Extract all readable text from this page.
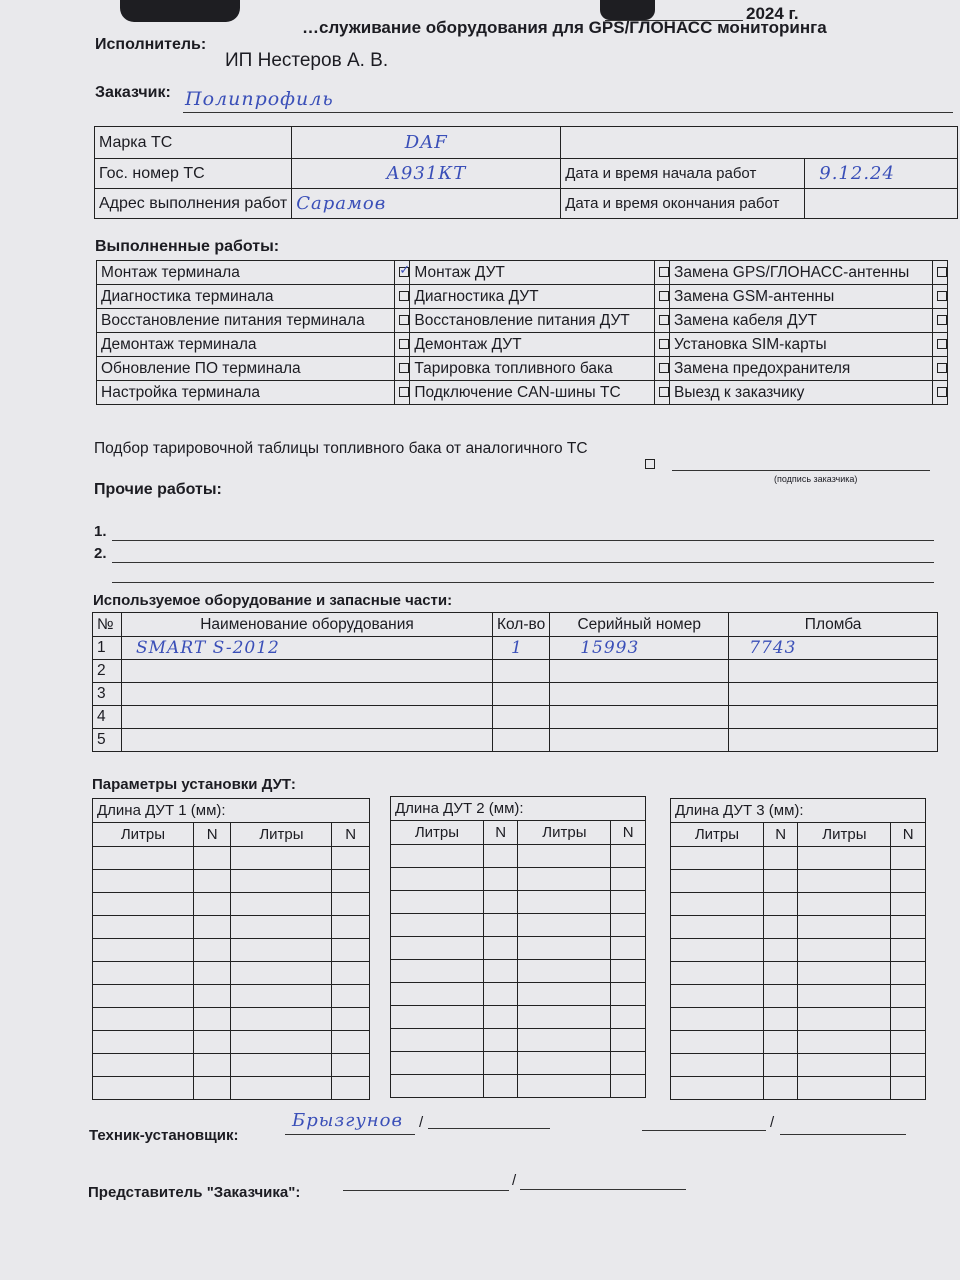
2024 г.
…служивание оборудования для GPS/ГЛОНАСС мониторинга
Исполнитель:
ИП Нестеров А. В.
Заказчик: Полипрофиль
Марка ТС	DAF		
Гос. номер ТС	А931КТ	Дата и время начала работ	9.12.24
Адрес выполнения работ	Сарамов	Дата и время окончания работ	
Выполненные работы:
Монтаж терминала	✓	Монтаж ДУТ		Замена GPS/ГЛОНАСС-антенны	
Диагностика терминала		Диагностика ДУТ		Замена GSM-антенны	
Восстановление питания терминала		Восстановление питания ДУТ		Замена кабеля ДУТ	
Демонтаж терминала		Демонтаж ДУТ		Установка SIM-карты	
Обновление ПО терминала		Тарировка топливного бака		Замена предохранителя	
Настройка терминала		Подключение CAN-шины ТС		Выезд к заказчику	
Подбор тарировочной таблицы топливного бака от аналогичного ТС
(подпись заказчика)
Прочие работы:
1.
2.
Используемое оборудование и запасные части:
№	Наименование оборудования	Кол-во	Серийный номер	Пломба
1	SMART S-2012	1	15993	7743
2				
3				
4				
5				
Параметры установки ДУТ:
Длина ДУТ 1 (мм):			
Литры	N	Литры	N

Длина ДУТ 2 (мм):			
Литры	N	Литры	N

Длина ДУТ 3 (мм):			
Литры	N	Литры	N

Техник-установщик:
Брызгунов /	/
Представитель "Заказчика":
/
